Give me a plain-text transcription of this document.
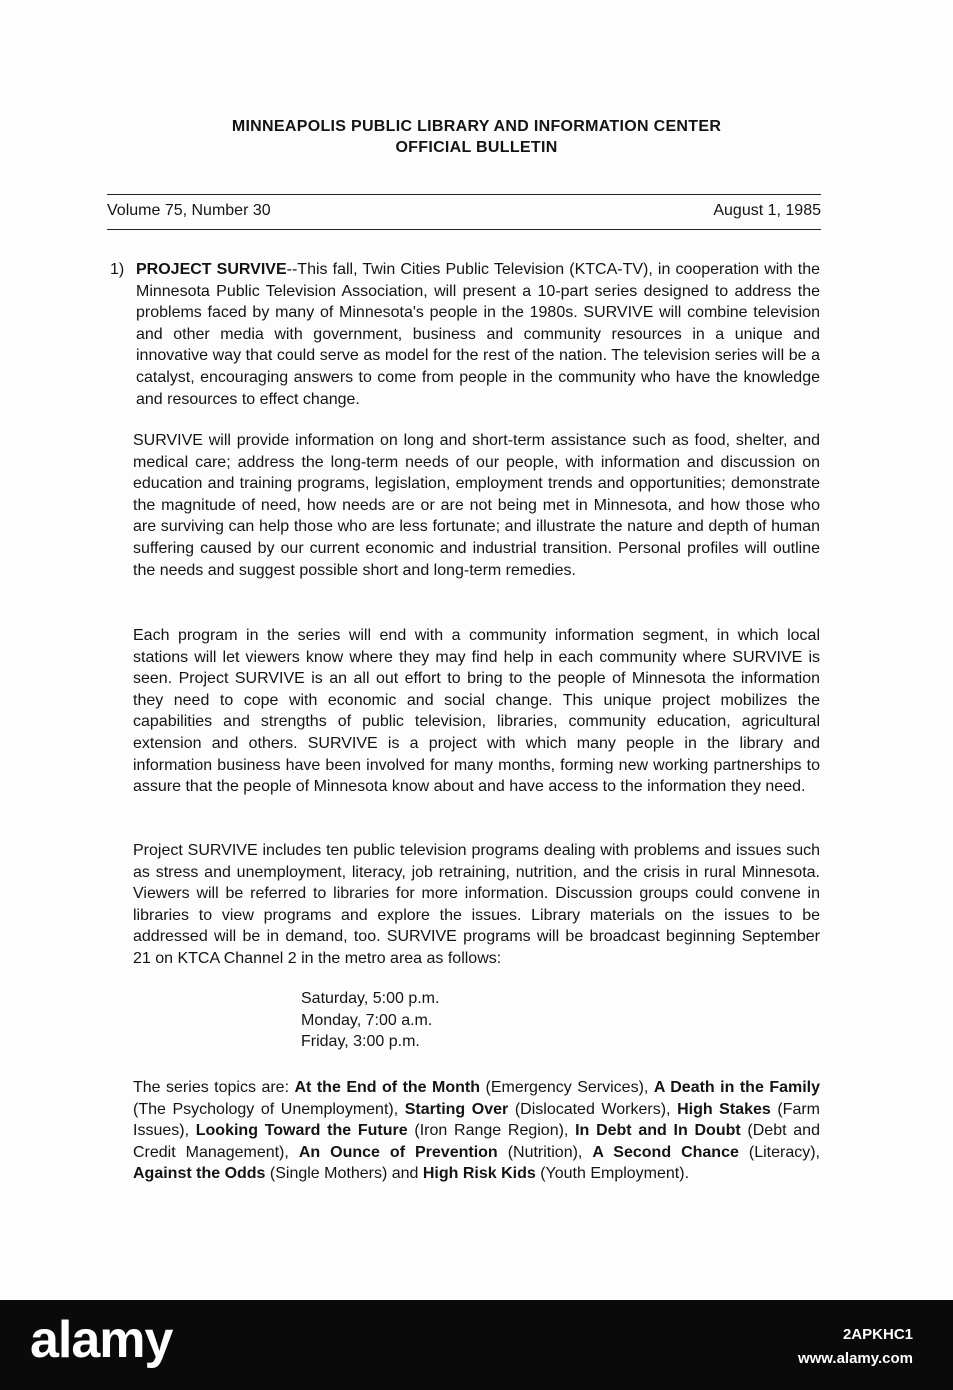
MINNEAPOLIS PUBLIC LIBRARY AND INFORMATION CENTER
OFFICIAL BULLETIN
Volume 75, Number 30	August 1, 1985
1) PROJECT SURVIVE--This fall, Twin Cities Public Television (KTCA-TV), in cooperation with the Minnesota Public Television Association, will present a 10-part series designed to address the problems faced by many of Minnesota's people in the 1980s. SURVIVE will combine television and other media with government, business and community resources in a unique and innovative way that could serve as model for the rest of the nation. The television series will be a catalyst, encouraging answers to come from people in the community who have the knowledge and resources to effect change.

SURVIVE will provide information on long and short-term assistance such as food, shelter, and medical care; address the long-term needs of our people, with information and discussion on education and training programs, legislation, employment trends and opportunities; demonstrate the magnitude of need, how needs are or are not being met in Minnesota, and how those who are surviving can help those who are less fortunate; and illustrate the nature and depth of human suffering caused by our current economic and industrial transition. Personal profiles will outline the needs and suggest possible short and long-term remedies.

Each program in the series will end with a community information segment, in which local stations will let viewers know where they may find help in each community where SURVIVE is seen. Project SURVIVE is an all out effort to bring to the people of Minnesota the information they need to cope with economic and social change. This unique project mobilizes the capabilities and strengths of public television, libraries, community education, agricultural extension and others. SURVIVE is a project with which many people in the library and information business have been involved for many months, forming new working partnerships to assure that the people of Minnesota know about and have access to the information they need.

Project SURVIVE includes ten public television programs dealing with problems and issues such as stress and unemployment, literacy, job retraining, nutrition, and the crisis in rural Minnesota. Viewers will be referred to libraries for more information. Discussion groups could convene in libraries to view programs and explore the issues. Library materials on the issues to be addressed will be in demand, too. SURVIVE programs will be broadcast beginning September 21 on KTCA Channel 2 in the metro area as follows:

Saturday, 5:00 p.m.
Monday, 7:00 a.m.
Friday, 3:00 p.m.

The series topics are: At the End of the Month (Emergency Services), A Death in the Family (The Psychology of Unemployment), Starting Over (Dislocated Workers), High Stakes (Farm Issues), Looking Toward the Future (Iron Range Region), In Debt and In Doubt (Debt and Credit Management), An Ounce of Prevention (Nutrition), A Second Chance (Literacy), Against the Odds (Single Mothers) and High Risk Kids (Youth Employment).

alamy	2APKHC1
www.alamy.com
